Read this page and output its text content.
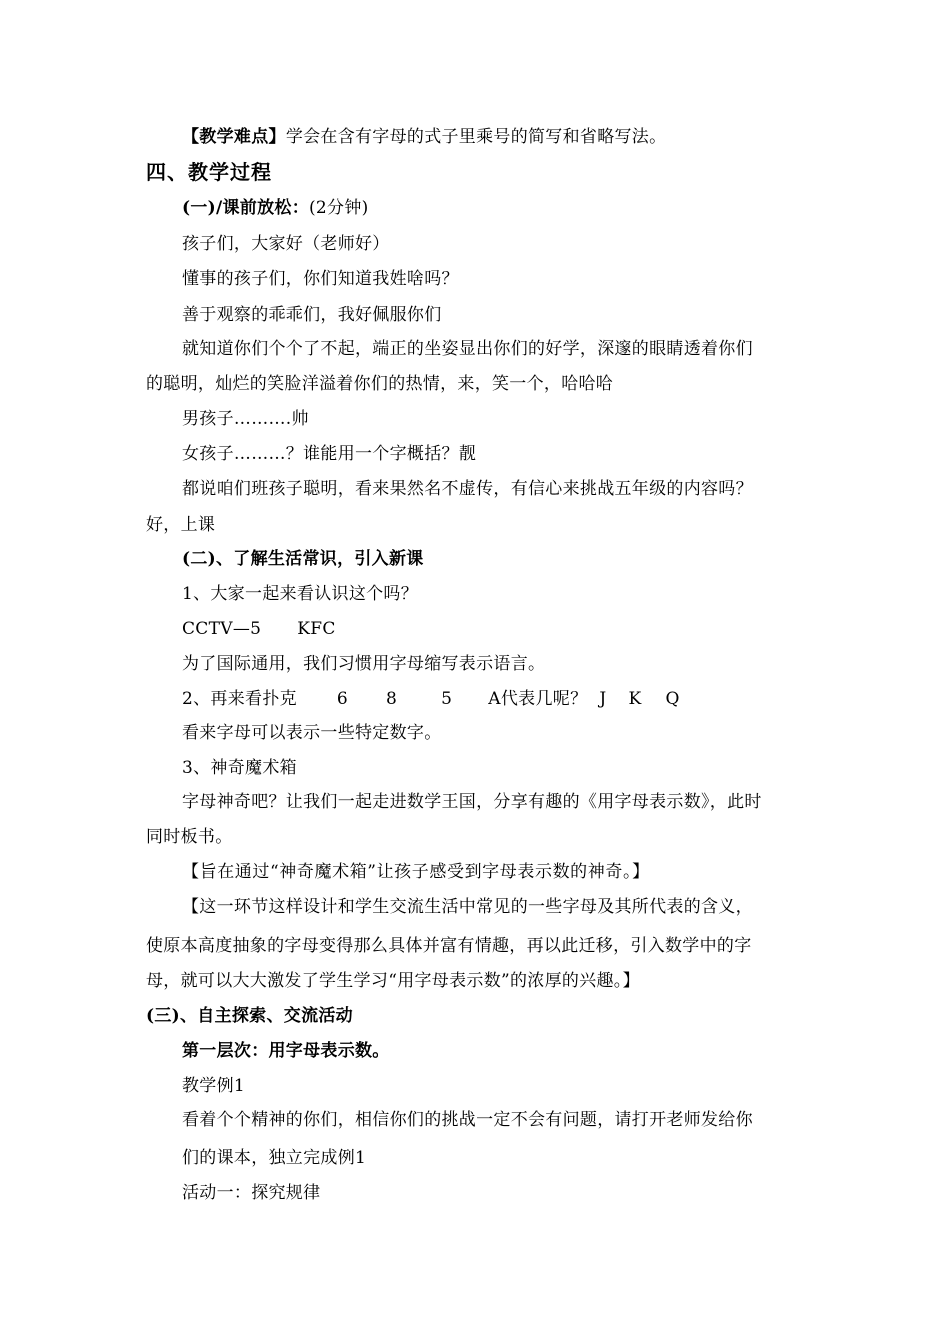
【教学难点】学会在含有字母的式子里乘号的简写和省略写法。
四、教学过程
(一)/课前放松：(2分钟)
孩子们，大家好（老师好）
懂事的孩子们，你们知道我姓啥吗？
善于观察的乖乖们，我好佩服你们
就知道你们个个了不起，端正的坐姿显出你们的好学，深邃的眼睛透着你们
的聪明，灿烂的笑脸洋溢着你们的热情，来，笑一个，哈哈哈
男孩子……….帅
女孩子………？谁能用一个字概括？靓
都说咱们班孩子聪明，看来果然名不虚传，有信心来挑战五年级的内容吗？
好，上课
(二)、了解生活常识，引入新课
1、大家一起来看认识这个吗？
CCTV—5 KFC
为了国际通用，我们习惯用字母缩写表示语言。
2、再来看扑克 6 8	5 A代表几呢？ J K Q
看来字母可以表示一些特定数字。
3、神奇魔术箱
字母神奇吧？让我们一起走进数学王国，分享有趣的《用字母表示数》，此时
同时板书。
【旨在通过“神奇魔术箱”让孩子感受到字母表示数的神奇。】
【这一环节这样设计和学生交流生活中常见的一些字母及其所代表的含义，
使原本高度抽象的字母变得那么具体并富有情趣，再以此迁移，引入数学中的字
母，就可以大大激发了学生学习“用字母表示数”的浓厚的兴趣。】
(三)、自主探索、交流活动
第一层次：用字母表示数。
教学例1
看着个个精神的你们，相信你们的挑战一定不会有问题，请打开老师发给你
们的课本，独立完成例1
活动一：探究规律
